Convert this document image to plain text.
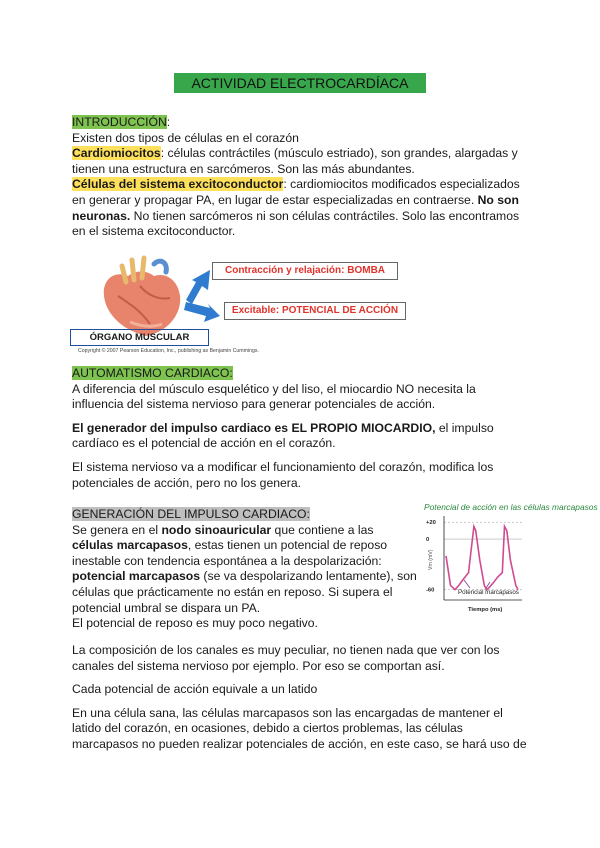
ACTIVIDAD ELECTROCARDÍACA

INTRODUCCIÓN:

Existen dos tipos de células en el corazón

Cardiomiocitos: células contráctiles (músculo estriado), son grandes, alargadas y tienen una estructura en sarcómeros. Son las más abundantes.

Células del sistema excitoconductor: cardiomiocitos modificados especializados en generar y propagar PA, en lugar de estar especializadas en contraerse. No son neuronas. No tienen sarcómeros ni son células contráctiles. Solo las encontramos en el sistema excitoconductor.

Contracción y relajación: BOMBA
Excitable: POTENCIAL DE ACCIÓN
ÓRGANO MUSCULAR
Copyright © 2007 Pearson Education, Inc., publishing as Benjamin Cummings.

AUTOMATISMO CARDIACO:

A diferencia del músculo esquelético y del liso, el miocardio NO necesita la influencia del sistema nervioso para generar potenciales de acción.

El generador del impulso cardiaco es EL PROPIO MIOCARDIO, el impulso cardíaco es el potencial de acción en el corazón.

El sistema nervioso va a modificar el funcionamiento del corazón, modifica los potenciales de acción, pero no los genera.

GENERACIÓN DEL IMPULSO CARDIACO:

Se genera en el nodo sinoauricular que contiene a las células marcapasos, estas tienen un potencial de reposo inestable con tendencia espontánea a la despolarización: potencial marcapasos (se va despolarizando lentamente), son células que prácticamente no están en reposo. Si supera el potencial umbral se dispara un PA.

El potencial de reposo es muy poco negativo.

La composición de los canales es muy peculiar, no tienen nada que ver con los canales del sistema nervioso por ejemplo. Por eso se comportan así.

Cada potencial de acción equivale a un latido

En una célula sana, las células marcapasos son las encargadas de mantener el latido del corazón, en ocasiones, debido a ciertos problemas, las células marcapasos no pueden realizar potenciales de acción, en este caso, se hará uso de

Potencial de acción en las células marcapasos
+20
0
-60	Potencial marcapasos
Tiempo (ms)
Vm (mV)
